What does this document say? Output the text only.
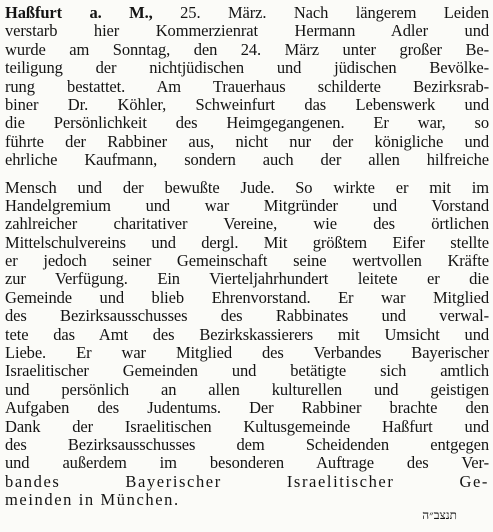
Haßfurt a. M., 25. März. Nach längerem Leiden
verstarb hier Kommerzienrat Hermann Adler und
wurde am Sonntag, den 24. März unter großer Be-
teiligung der nichtjüdischen und jüdischen Bevölke-
rung bestattet. Am Trauerhaus schilderte Bezirksrab-
biner Dr. Köhler, Schweinfurt das Lebenswerk und
die Persönlichkeit des Heimgegangenen. Er war, so
führte der Rabbiner aus, nicht nur der königliche und
ehrliche Kaufmann, sondern auch der allen hilfreiche
Mensch und der bewußte Jude. So wirkte er mit im
Handelgremium und war Mitgründer und Vorstand
zahlreicher charitativer Vereine, wie des örtlichen
Mittelschulvereins und dergl. Mit größtem Eifer stellte
er jedoch seiner Gemeinschaft seine wertvollen Kräfte
zur Verfügung. Ein Vierteljahrhundert leitete er die
Gemeinde und blieb Ehrenvorstand. Er war Mitglied
des Bezirksausschusses des Rabbinates und verwal-
tete das Amt des Bezirkskassierers mit Umsicht und
Liebe. Er war Mitglied des Verbandes Bayerischer
Israelitischer Gemeinden und betätigte sich amtlich
und persönlich an allen kulturellen und geistigen
Aufgaben des Judentums. Der Rabbiner brachte den
Dank der Israelitischen Kultusgemeinde Haßfurt und
des Bezirksausschusses dem Scheidenden entgegen
und außerdem im besonderen Auftrage des Ver-
bandes Bayerischer Israelitischer Ge-
meinden in München.
תנצב״ה
